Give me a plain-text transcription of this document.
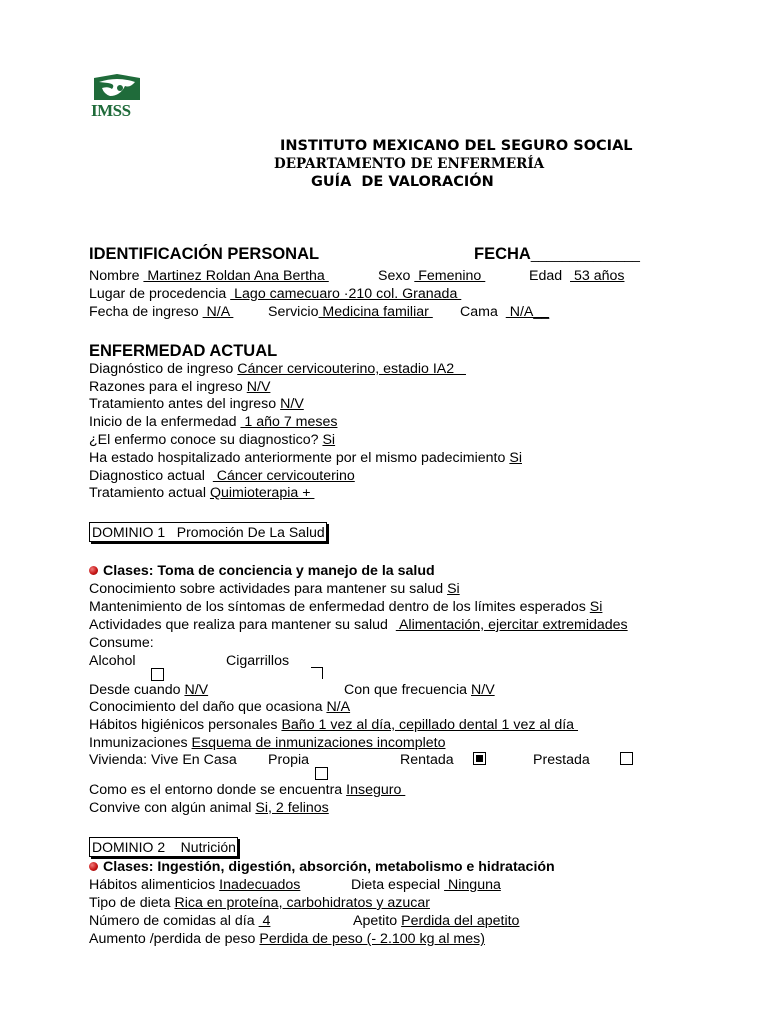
IMSS
INSTITUTO MEXICANO DEL SEGURO SOCIAL
DEPARTAMENTO DE ENFERMERÍA
GUÍA  DE VALORACIÓN
IDENTIFICACIÓN PERSONAL	FECHA______________
Nombre  Martinez Roldan Ana Bertha	Sexo  Femenino	Edad   53 años
Lugar de procedencia  Lago camecuaro ·210 col. Granada
Fecha de ingreso  N/A Servicio Medicina familiar Cama   N/A__
ENFERMEDAD ACTUAL
Diagnóstico de ingreso Cáncer cervicouterino, estadio IA2
Razones para el ingreso N/V
Tratamiento antes del ingreso N/V
Inicio de la enfermedad  1 año 7 meses
¿El enfermo conoce su diagnostico? Si
Ha estado hospitalizado anteriormente por el mismo padecimiento Si
Diagnostico actual   Cáncer cervicouterino
Tratamiento actual Quimioterapia +
DOMINIO 1   Promoción De La Salud
Clases: Toma de conciencia y manejo de la salud
Conocimiento sobre actividades para mantener su salud Si
Mantenimiento de los síntomas de enfermedad dentro de los límites esperados Si
Actividades que realiza para mantener su salud   Alimentación, ejercitar extremidades
Consume:
Alcohol	Cigarrillos
Desde cuando N/V	Con que frecuencia N/V
Conocimiento del daño que ocasiona N/A
Hábitos higiénicos personales Baño 1 vez al día, cepillado dental 1 vez al día
Inmunizaciones Esquema de inmunizaciones incompleto
Vivienda: Vive En Casa Propia	Rentada	Prestada
Como es el entorno donde se encuentra Inseguro
Convive con algún animal Si, 2 felinos
DOMINIO 2    Nutrición
Clases: Ingestión, digestión, absorción, metabolismo e hidratación
Hábitos alimenticios Inadecuados	Dieta especial  Ninguna
Tipo de dieta Rica en proteína, carbohidratos y azucar
Número de comidas al día  4	Apetito Perdida del apetito
Aumento /perdida de peso Perdida de peso (- 2.100 kg al mes)
